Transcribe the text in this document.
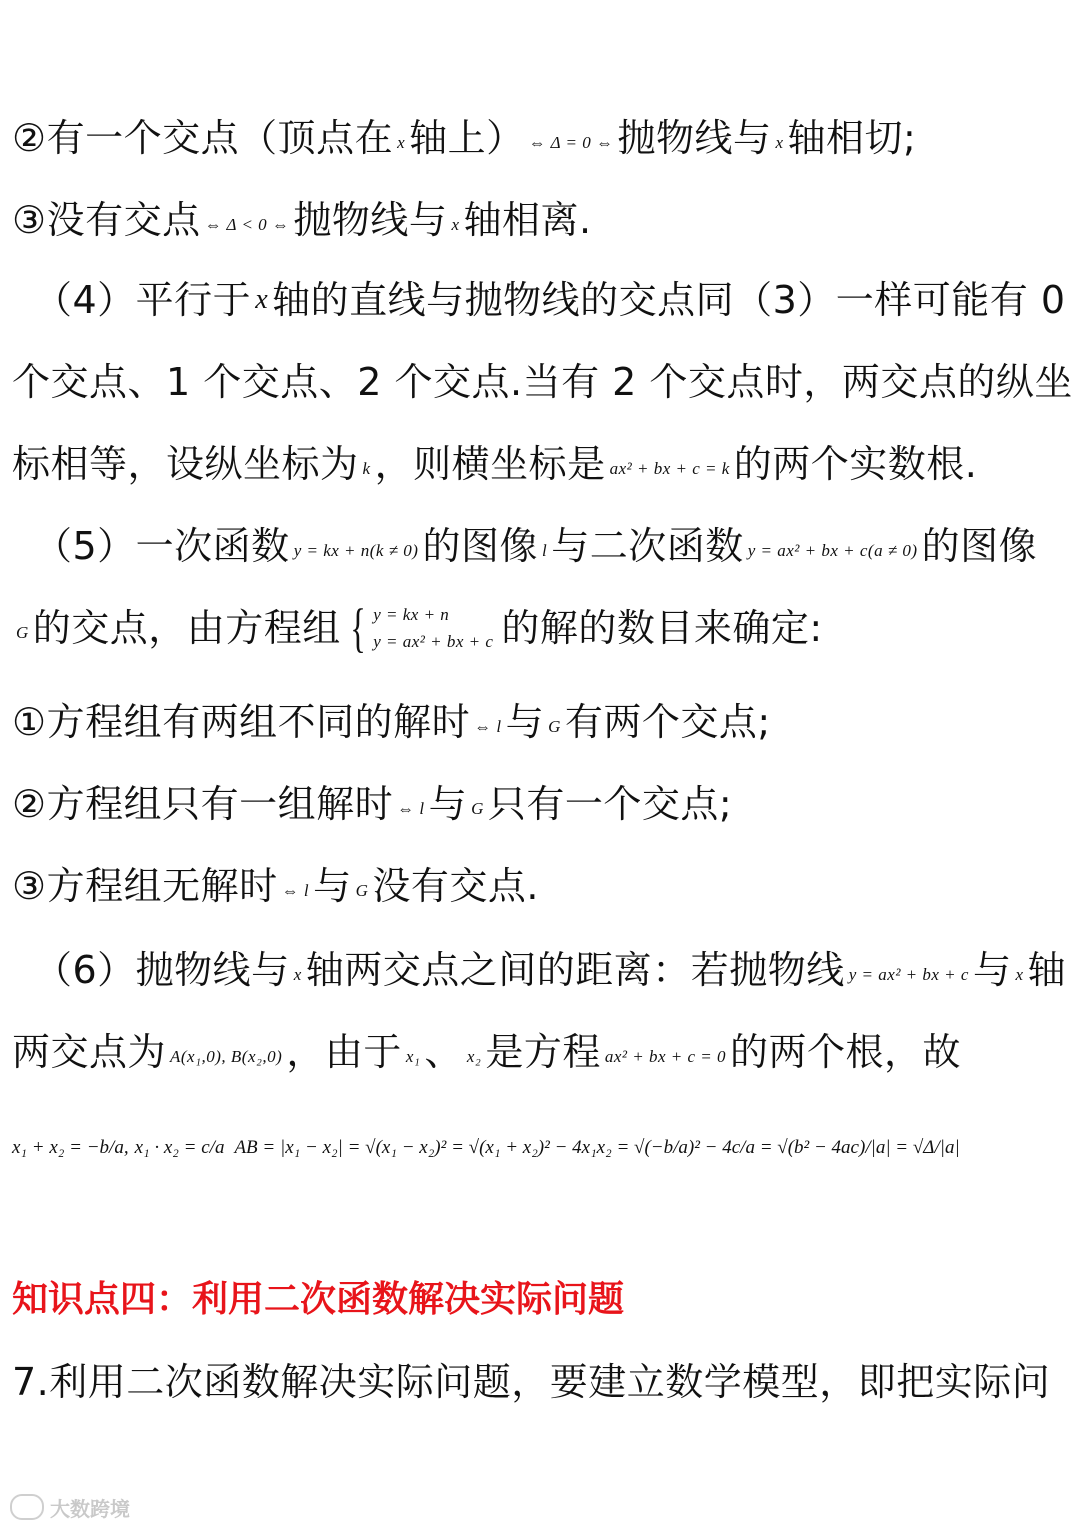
②有一个交点（顶点在 x 轴上） ⇔ Δ = 0 ⇔ 抛物线与 x 轴相切;
③没有交点 ⇔ Δ < 0 ⇔ 抛物线与 x 轴相离.
（4）平行于 x 轴的直线与抛物线的交点同（3）一样可能有 0
个交点、1 个交点、2 个交点.当有 2 个交点时，两交点的纵坐
标相等，设纵坐标为 k ，则横坐标是 ax² + bx + c = k 的两个实数根.
（5）一次函数 y = kx + n(k ≠ 0) 的图像 l 与二次函数 y = ax² + bx + c(a ≠ 0) 的图像
G 的交点，由方程组 { y = kx + n
y = ax² + bx + c 的解的数目来确定:
①方程组有两组不同的解时 ⇔ l 与 G 有两个交点;
②方程组只有一组解时 ⇔ l 与 G 只有一个交点;
③方程组无解时 ⇔ l 与 G 没有交点.
（6）抛物线与 x 轴两交点之间的距离：若抛物线 y = ax² + bx + c 与 x 轴
两交点为 A(x₁,0), B(x₂,0) ，由于 x₁ 、 x₂ 是方程 ax² + bx + c = 0 的两个根，故
x₁ + x₂ = −b/a, x₁ · x₂ = c/a AB = |x₁ − x₂| = √(x₁ − x₂)² = √(x₁ + x₂)² − 4x₁x₂ = √(−b/a)² − 4c/a = √(b² − 4ac)/|a| = √Δ/|a|
知识点四：利用二次函数解决实际问题
7.利用二次函数解决实际问题，要建立数学模型，即把实际问
大数跨境
